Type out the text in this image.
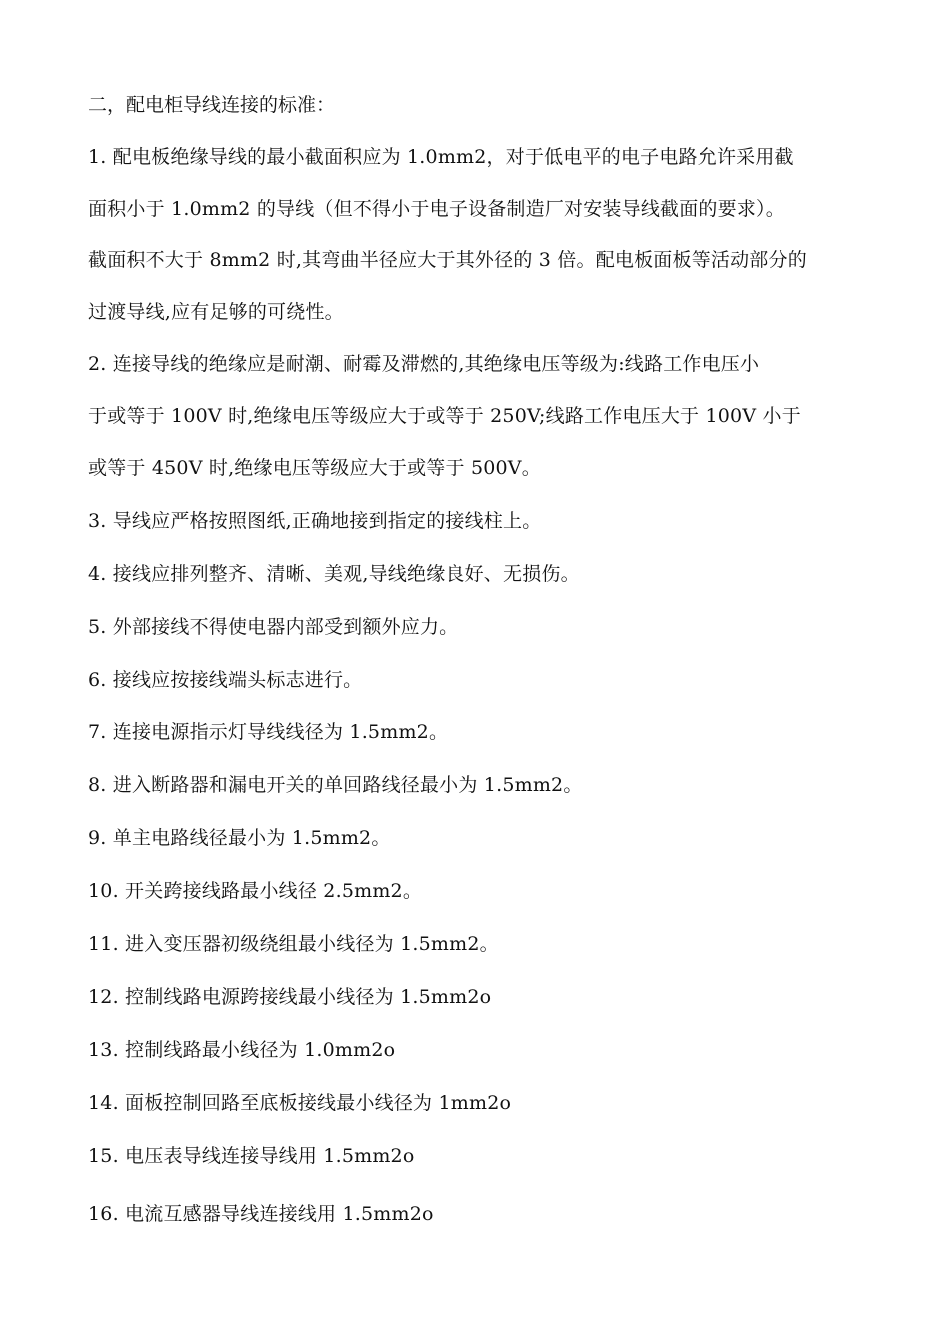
二，配电柜导线连接的标准：
1. 配电板绝缘导线的最小截面积应为 1.0mm2，对于低电平的电子电路允许采用截
面积小于 1.0mm2 的导线（但不得小于电子设备制造厂对安装导线截面的要求）。
截面积不大于 8mm2 时,其弯曲半径应大于其外径的 3 倍。配电板面板等活动部分的
过渡导线,应有足够的可绕性。
2. 连接导线的绝缘应是耐潮、耐霉及滞燃的,其绝缘电压等级为:线路工作电压小
于或等于 100V 时,绝缘电压等级应大于或等于 250V;线路工作电压大于 100V 小于
或等于 450V 时,绝缘电压等级应大于或等于 500V。
3. 导线应严格按照图纸,正确地接到指定的接线柱上。
4. 接线应排列整齐、清晰、美观,导线绝缘良好、无损伤。
5. 外部接线不得使电器内部受到额外应力。
6. 接线应按接线端头标志进行。
7. 连接电源指示灯导线线径为 1.5mm2。
8. 进入断路器和漏电开关的单回路线径最小为 1.5mm2。
9. 单主电路线径最小为 1.5mm2。
10. 开关跨接线路最小线径 2.5mm2。
11. 进入变压器初级绕组最小线径为 1.5mm2。
12. 控制线路电源跨接线最小线径为 1.5mm2o
13. 控制线路最小线径为 1.0mm2o
14. 面板控制回路至底板接线最小线径为 1mm2o
15. 电压表导线连接导线用 1.5mm2o
16. 电流互感器导线连接线用 1.5mm2o
